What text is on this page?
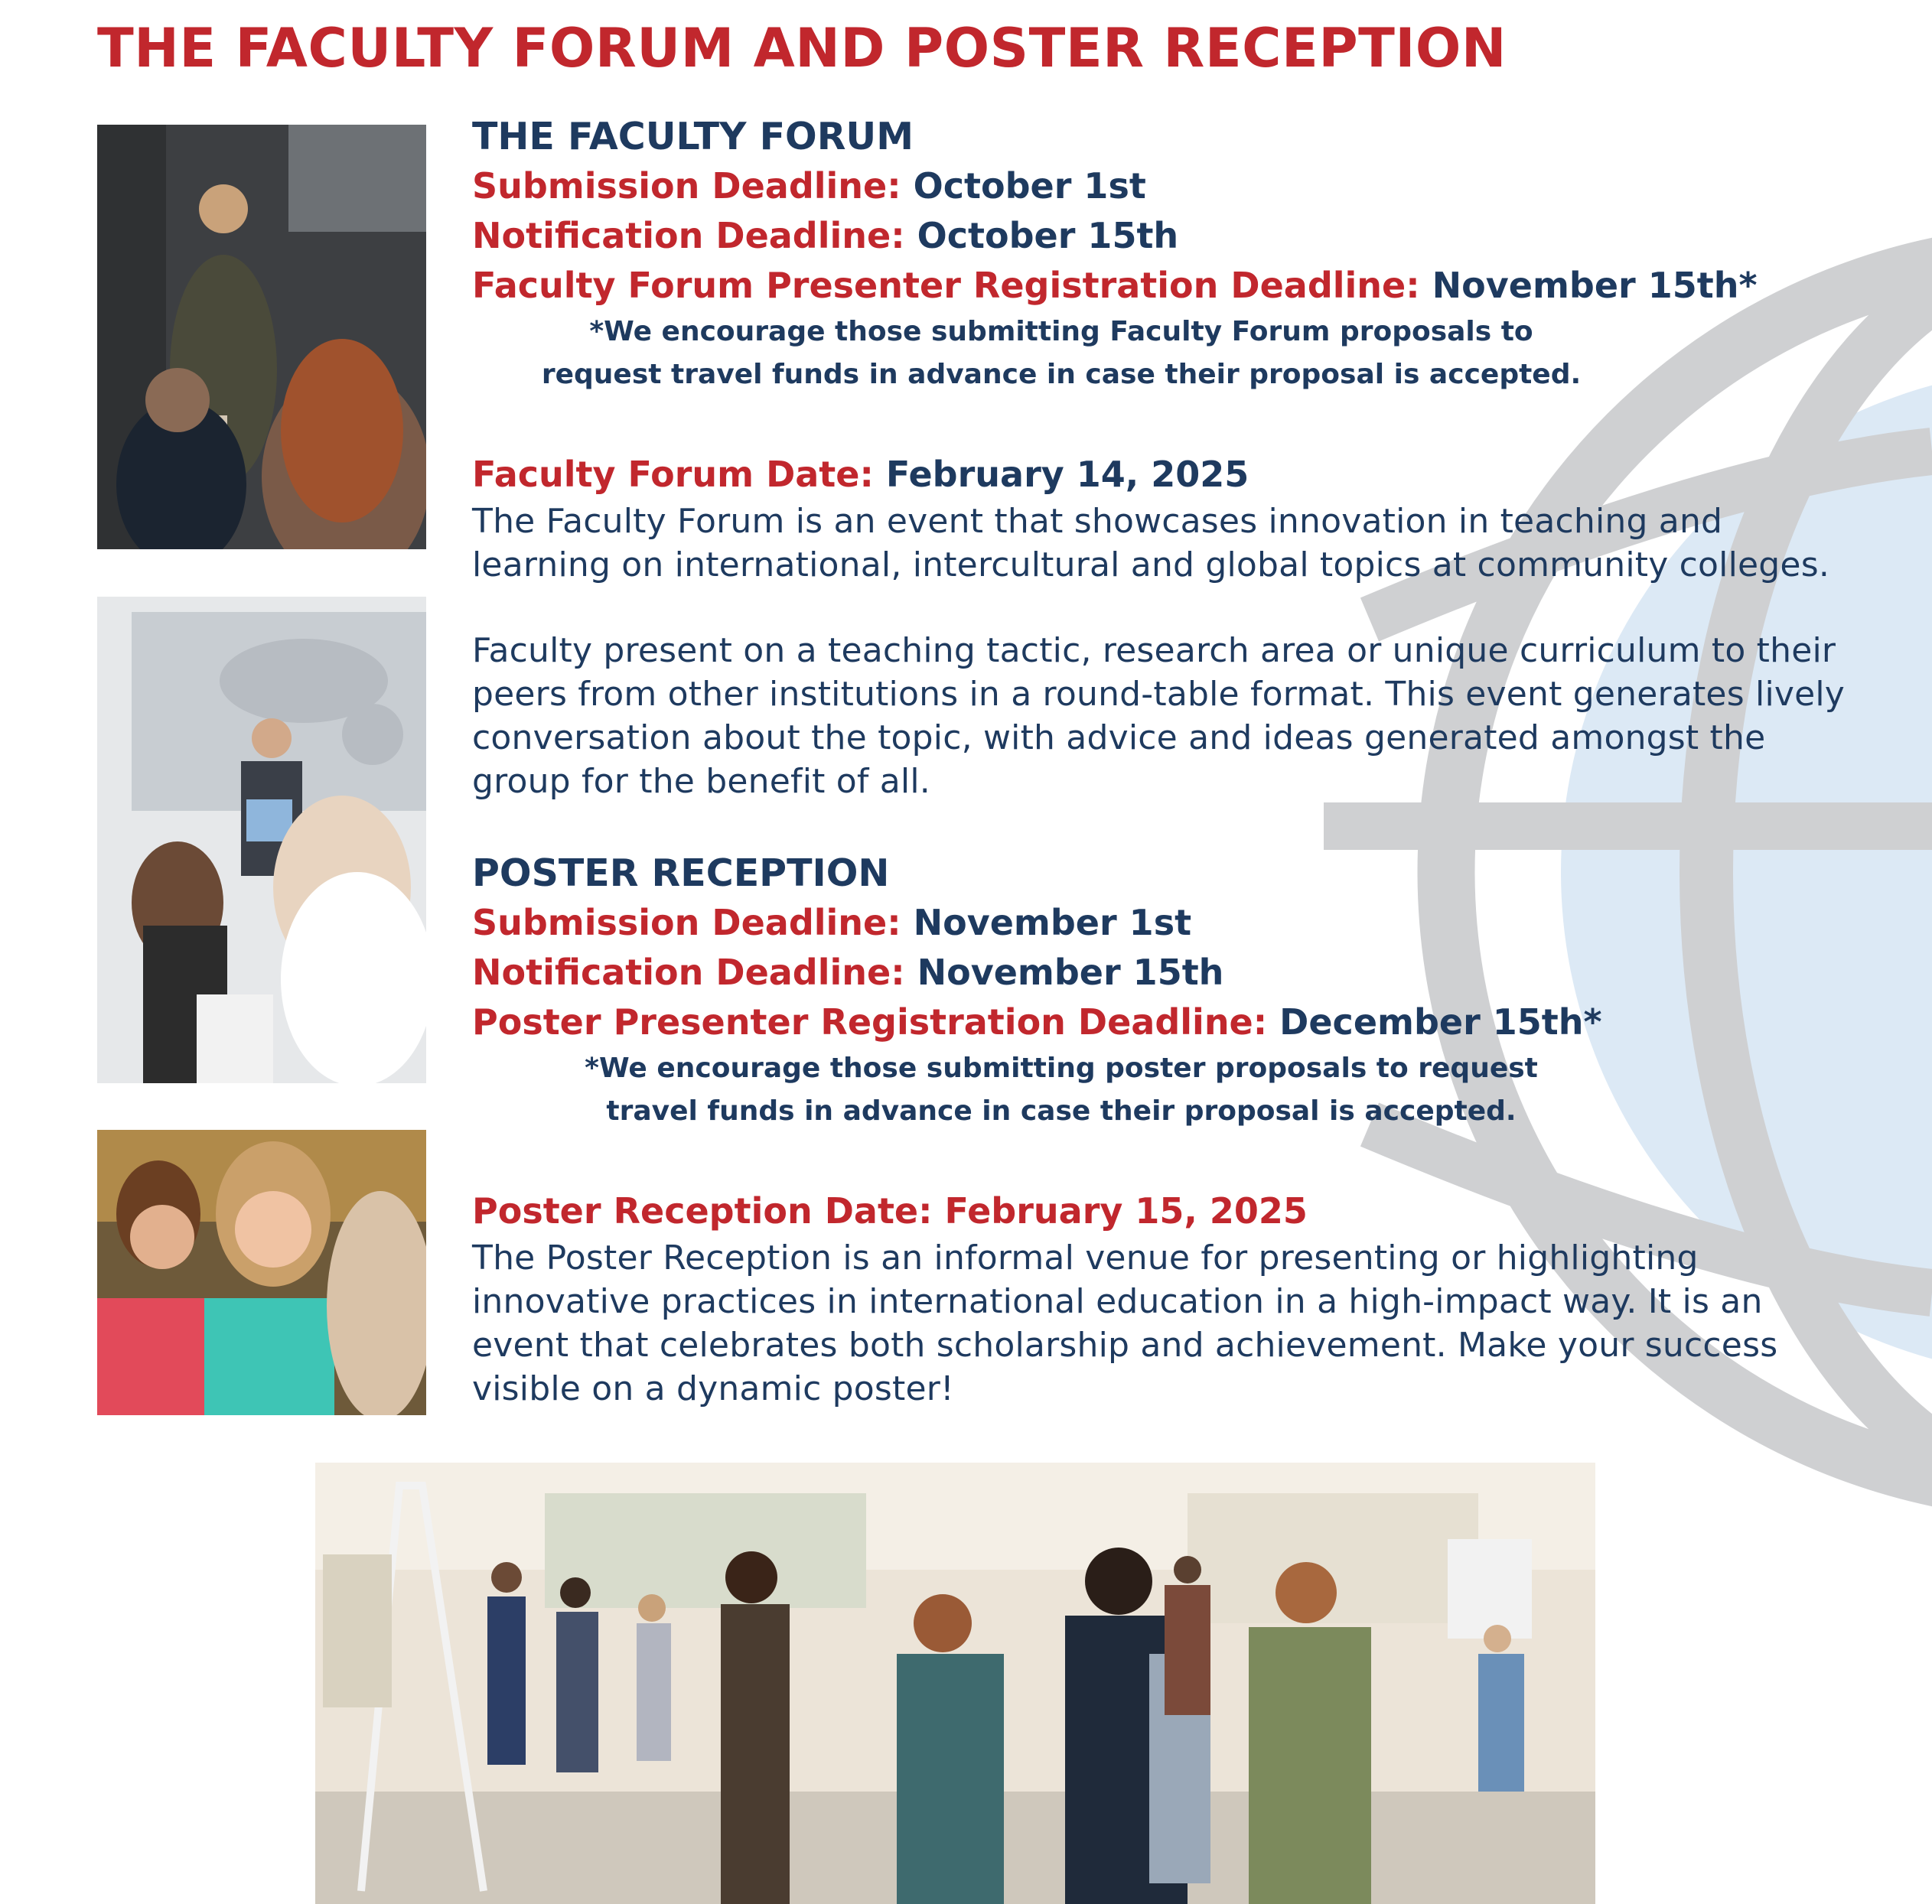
THE FACULTY FORUM AND POSTER RECEPTION
THE FACULTY FORUM

Submission Deadline: October 1st

Notification Deadline: October 15th

Faculty Forum Presenter Registration Deadline: November 15th*

*We encourage those submitting Faculty Forum proposals to

request travel funds in advance in case their proposal is accepted.

Faculty Forum Date: February 14, 2025

The Faculty Forum is an event that showcases innovation in teaching and learning on international, intercultural and global topics at community colleges.

Faculty present on a teaching tactic, research area or unique curriculum to their peers from other institutions in a round-table format. This event generates lively conversation about the topic, with advice and ideas generated amongst the group for the benefit of all.

POSTER RECEPTION

Submission Deadline: November 1st

Notification Deadline: November 15th

Poster Presenter Registration Deadline: December 15th*

*We encourage those submitting poster proposals to request

travel funds in advance in case their proposal is accepted.

Poster Reception Date: February 15, 2025

The Poster Reception is an informal venue for presenting or highlighting innovative practices in international education in a high-impact way. It is an event that celebrates both scholarship and achievement. Make your success visible on a dynamic poster!
